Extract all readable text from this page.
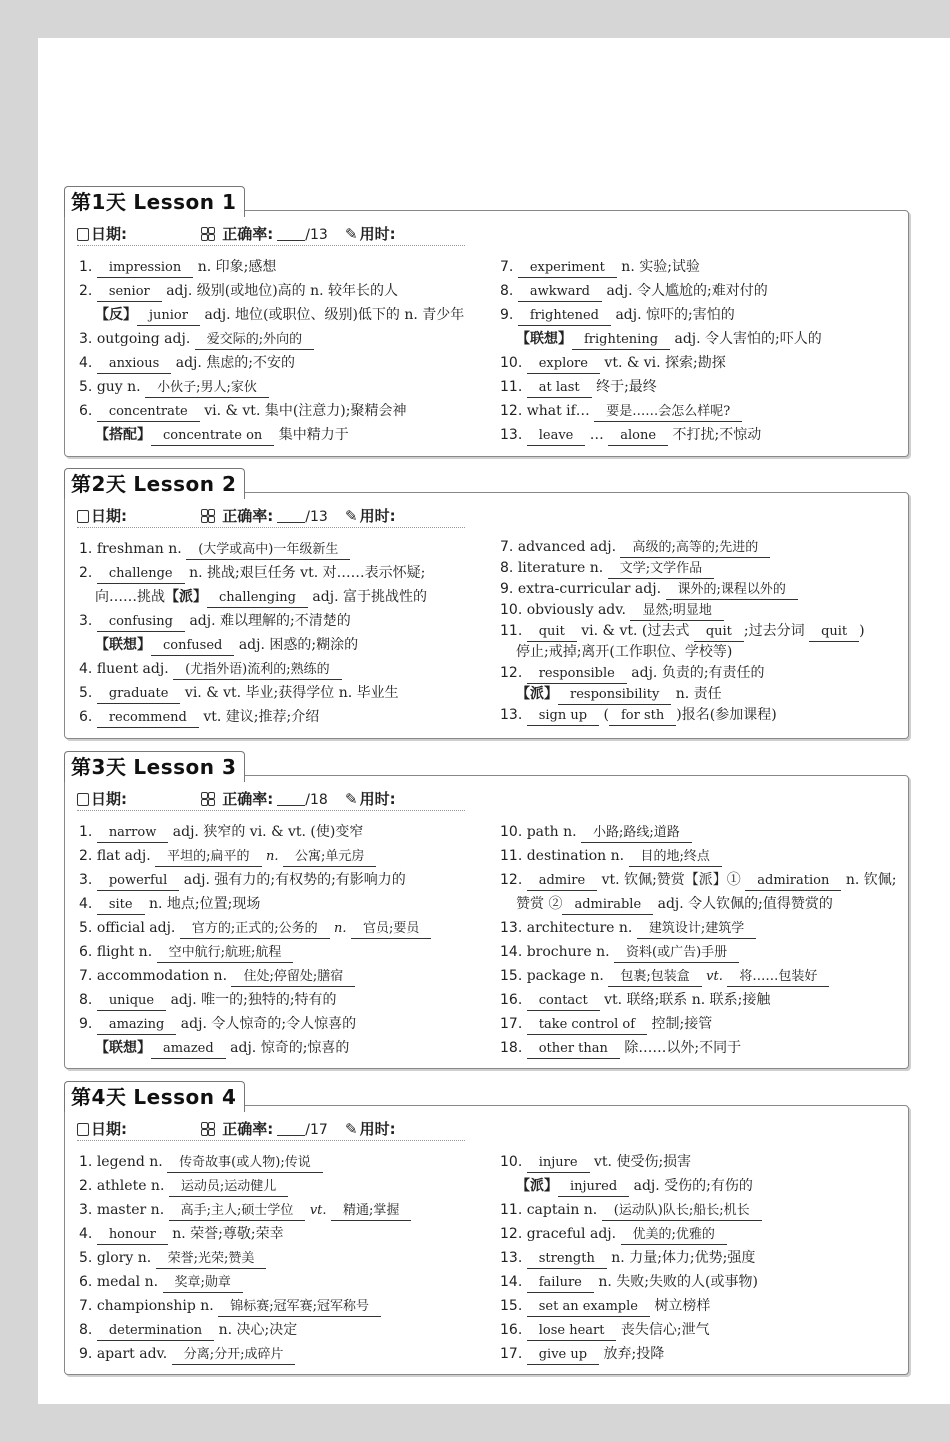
第1天 Lesson 1
日期:	正确率: /13 ✎ 用时:
1. impression n. 印象;感想
2. senior adj. 级别(或地位)高的 n. 较年长的人
【反】 junior adj. 地位(或职位、级别)低下的 n. 青少年
3. outgoing adj. 爱交际的;外向的
4. anxious adj. 焦虑的;不安的
5. guy n. 小伙子;男人;家伙
6. concentrate vi. & vt. 集中(注意力);聚精会神
【搭配】 concentrate on 集中精力于
7. experiment n. 实验;试验
8. awkward adj. 令人尴尬的;难对付的
9. frightened adj. 惊吓的;害怕的
【联想】 frightening adj. 令人害怕的;吓人的
10. explore vt. & vi. 探索;勘探
11. at last 终于;最终
12. what if… 要是……会怎么样呢?
13. leave … alone 不打扰;不惊动
第2天 Lesson 2
日期:	正确率: /13 ✎ 用时:
1. freshman n. (大学或高中)一年级新生
2. challenge n. 挑战;艰巨任务 vt. 对……表示怀疑;
向……挑战【派】 challenging adj. 富于挑战性的
3. confusing adj. 难以理解的;不清楚的
【联想】 confused adj. 困惑的;糊涂的
4. fluent adj. (尤指外语)流利的;熟练的
5. graduate vi. & vt. 毕业;获得学位 n. 毕业生
6. recommend vt. 建议;推荐;介绍
7. advanced adj. 高级的;高等的;先进的
8. literature n. 文学;文学作品
9. extra-curricular adj. 课外的;课程以外的
10. obviously adv. 显然;明显地
11. quit vi. & vt. (过去式 quit ;过去分词 quit )
停止;戒掉;离开(工作职位、学校等)
12. responsible adj. 负责的;有责任的
【派】 responsibility n. 责任
13. sign up ( for sth )报名(参加课程)
第3天 Lesson 3
日期:	正确率: /18 ✎ 用时:
1. narrow adj. 狭窄的 vi. & vt. (使)变窄
2. flat adj. 平坦的;扁平的 n. 公寓;单元房
3. powerful adj. 强有力的;有权势的;有影响力的
4. site n. 地点;位置;现场
5. official adj. 官方的;正式的;公务的 n. 官员;要员
6. flight n. 空中航行;航班;航程
7. accommodation n. 住处;停留处;膳宿
8. unique adj. 唯一的;独特的;特有的
9. amazing adj. 令人惊奇的;令人惊喜的
【联想】 amazed adj. 惊奇的;惊喜的
10. path n. 小路;路线;道路
11. destination n. 目的地;终点
12. admire vt. 钦佩;赞赏【派】① admiration n. 钦佩;
赞赏 ② admirable adj. 令人钦佩的;值得赞赏的
13. architecture n. 建筑设计;建筑学
14. brochure n. 资料(或广告)手册
15. package n. 包裹;包装盒 vt. 将……包装好
16. contact vt. 联络;联系 n. 联系;接触
17. take control of 控制;接管
18. other than 除……以外;不同于
第4天 Lesson 4
日期:	正确率: /17 ✎ 用时:
1. legend n. 传奇故事(或人物);传说
2. athlete n. 运动员;运动健儿
3. master n. 高手;主人;硕士学位 vt. 精通;掌握
4. honour n. 荣誉;尊敬;荣幸
5. glory n. 荣誉;光荣;赞美
6. medal n. 奖章;勋章
7. championship n. 锦标赛;冠军赛;冠军称号
8. determination n. 决心;决定
9. apart adv. 分离;分开;成碎片
10. injure vt. 使受伤;损害
【派】 injured adj. 受伤的;有伤的
11. captain n. (运动队)队长;船长;机长
12. graceful adj. 优美的;优雅的
13. strength n. 力量;体力;优势;强度
14. failure n. 失败;失败的人(或事物)
15. set an example 树立榜样
16. lose heart 丧失信心;泄气
17. give up 放弃;投降
